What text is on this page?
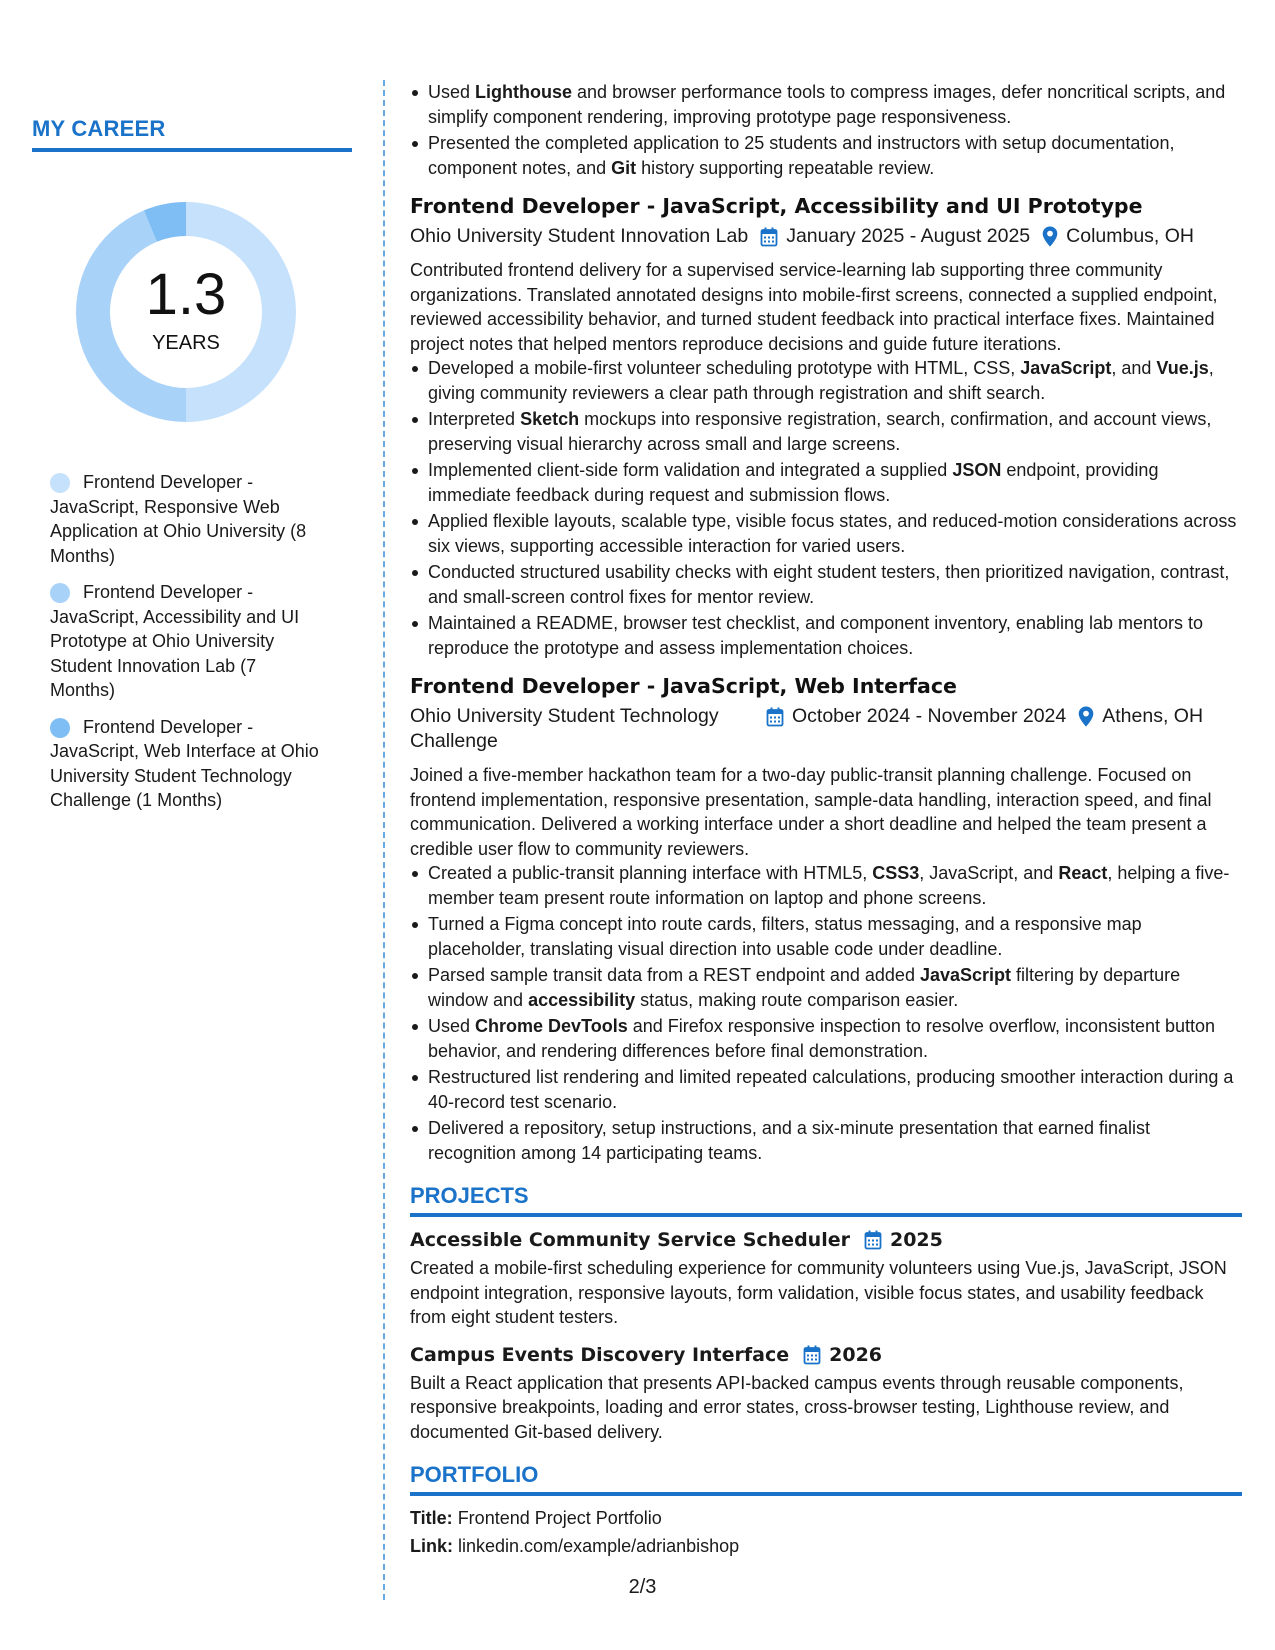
MY CAREER
1.3
YEARS
Frontend Developer - JavaScript, Responsive Web Application at Ohio University (8 Months)
Frontend Developer - JavaScript, Accessibility and UI Prototype at Ohio University Student Innovation Lab (7 Months)
Frontend Developer - JavaScript, Web Interface at Ohio University Student Technology Challenge (1 Months)
Used Lighthouse and browser performance tools to compress images, defer noncritical scripts, and simplify component rendering, improving prototype page responsiveness.
Presented the completed application to 25 students and instructors with setup documentation, component notes, and Git history supporting repeatable review.
Frontend Developer - JavaScript, Accessibility and UI Prototype
Ohio University Student Innovation Lab January 2025 - August 2025 Columbus, OH
Contributed frontend delivery for a supervised service-learning lab supporting three community organizations. Translated annotated designs into mobile-first screens, connected a supplied endpoint, reviewed accessibility behavior, and turned student feedback into practical interface fixes. Maintained project notes that helped mentors reproduce decisions and guide future iterations.
Developed a mobile-first volunteer scheduling prototype with HTML, CSS, JavaScript, and Vue.js, giving community reviewers a clear path through registration and shift search.
Interpreted Sketch mockups into responsive registration, search, confirmation, and account views, preserving visual hierarchy across small and large screens.
Implemented client-side form validation and integrated a supplied JSON endpoint, providing immediate feedback during request and submission flows.
Applied flexible layouts, scalable type, visible focus states, and reduced-motion considerations across six views, supporting accessible interaction for varied users.
Conducted structured usability checks with eight student testers, then prioritized navigation, contrast, and small-screen control fixes for mentor review.
Maintained a README, browser test checklist, and component inventory, enabling lab mentors to reproduce the prototype and assess implementation choices.
Frontend Developer - JavaScript, Web Interface
Ohio University Student Technology Challenge
October 2024 - November 2024 Athens, OH
Joined a five-member hackathon team for a two-day public-transit planning challenge. Focused on frontend implementation, responsive presentation, sample-data handling, interaction speed, and final communication. Delivered a working interface under a short deadline and helped the team present a credible user flow to community reviewers.
Created a public-transit planning interface with HTML5, CSS3, JavaScript, and React, helping a five-member team present route information on laptop and phone screens.
Turned a Figma concept into route cards, filters, status messaging, and a responsive map placeholder, translating visual direction into usable code under deadline.
Parsed sample transit data from a REST endpoint and added JavaScript filtering by departure window and accessibility status, making route comparison easier.
Used Chrome DevTools and Firefox responsive inspection to resolve overflow, inconsistent button behavior, and rendering differences before final demonstration.
Restructured list rendering and limited repeated calculations, producing smoother interaction during a 40-record test scenario.
Delivered a repository, setup instructions, and a six-minute presentation that earned finalist recognition among 14 participating teams.
PROJECTS
Accessible Community Service Scheduler 2025
Created a mobile-first scheduling experience for community volunteers using Vue.js, JavaScript, JSON endpoint integration, responsive layouts, form validation, visible focus states, and usability feedback from eight student testers.
Campus Events Discovery Interface 2026
Built a React application that presents API-backed campus events through reusable components, responsive breakpoints, loading and error states, cross-browser testing, Lighthouse review, and documented Git-based delivery.
PORTFOLIO
Title: Frontend Project Portfolio
Link: linkedin.com/example/adrianbishop
2/3
